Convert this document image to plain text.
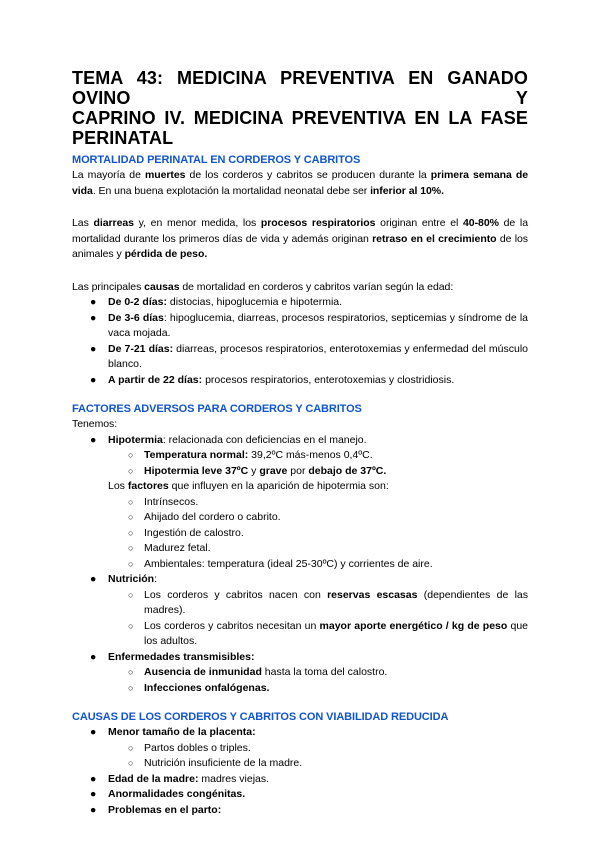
TEMA 43: MEDICINA PREVENTIVA EN GANADO OVINO Y
CAPRINO IV. MEDICINA PREVENTIVA EN LA FASE
PERINATAL
MORTALIDAD PERINATAL EN CORDEROS Y CABRITOS

La mayoría de muertes de los corderos y cabritos se producen durante la primera semana de vida. En una buena explotación la mortalidad neonatal debe ser inferior al 10%.

Las diarreas y, en menor medida, los procesos respiratorios originan entre el 40-80% de la mortalidad durante los primeros días de vida y además originan retraso en el crecimiento de los animales y pérdida de peso.

Las principales causas de mortalidad en corderos y cabritos varían según la edad:

● De 0-2 días: distocias, hipoglucemia e hipotermia.
● De 3-6 días: hipoglucemia, diarreas, procesos respiratorios, septicemias y síndrome de la vaca mojada.
● De 7-21 días: diarreas, procesos respiratorios, enterotoxemias y enfermedad del músculo blanco.
● A partir de 22 días: procesos respiratorios, enterotoxemias y clostridiosis.
FACTORES ADVERSOS PARA CORDEROS Y CABRITOS

Tenemos:

● Hipotermia: relacionada con deficiencias en el manejo.
○ Temperatura normal: 39,2ºC más-menos 0,4ºC.
○ Hipotermia leve 37ºC y grave por debajo de 37ºC.
Los factores que influyen en la aparición de hipotermia son:
○ Intrínsecos.
○ Ahijado del cordero o cabrito.
○ Ingestión de calostro.
○ Madurez fetal.
○ Ambientales: temperatura (ideal 25-30ºC) y corrientes de aire.
● Nutrición:
○ Los corderos y cabritos nacen con reservas escasas (dependientes de las madres).
○ Los corderos y cabritos necesitan un mayor aporte energético / kg de peso que los adultos.
● Enfermedades transmisibles:
○ Ausencia de inmunidad hasta la toma del calostro.
○ Infecciones onfalógenas.
CAUSAS DE LOS CORDEROS Y CABRITOS CON VIABILIDAD REDUCIDA
● Menor tamaño de la placenta:
○ Partos dobles o triples.
○ Nutrición insuficiente de la madre.
● Edad de la madre: madres viejas.
● Anormalidades congénitas.
● Problemas en el parto:
